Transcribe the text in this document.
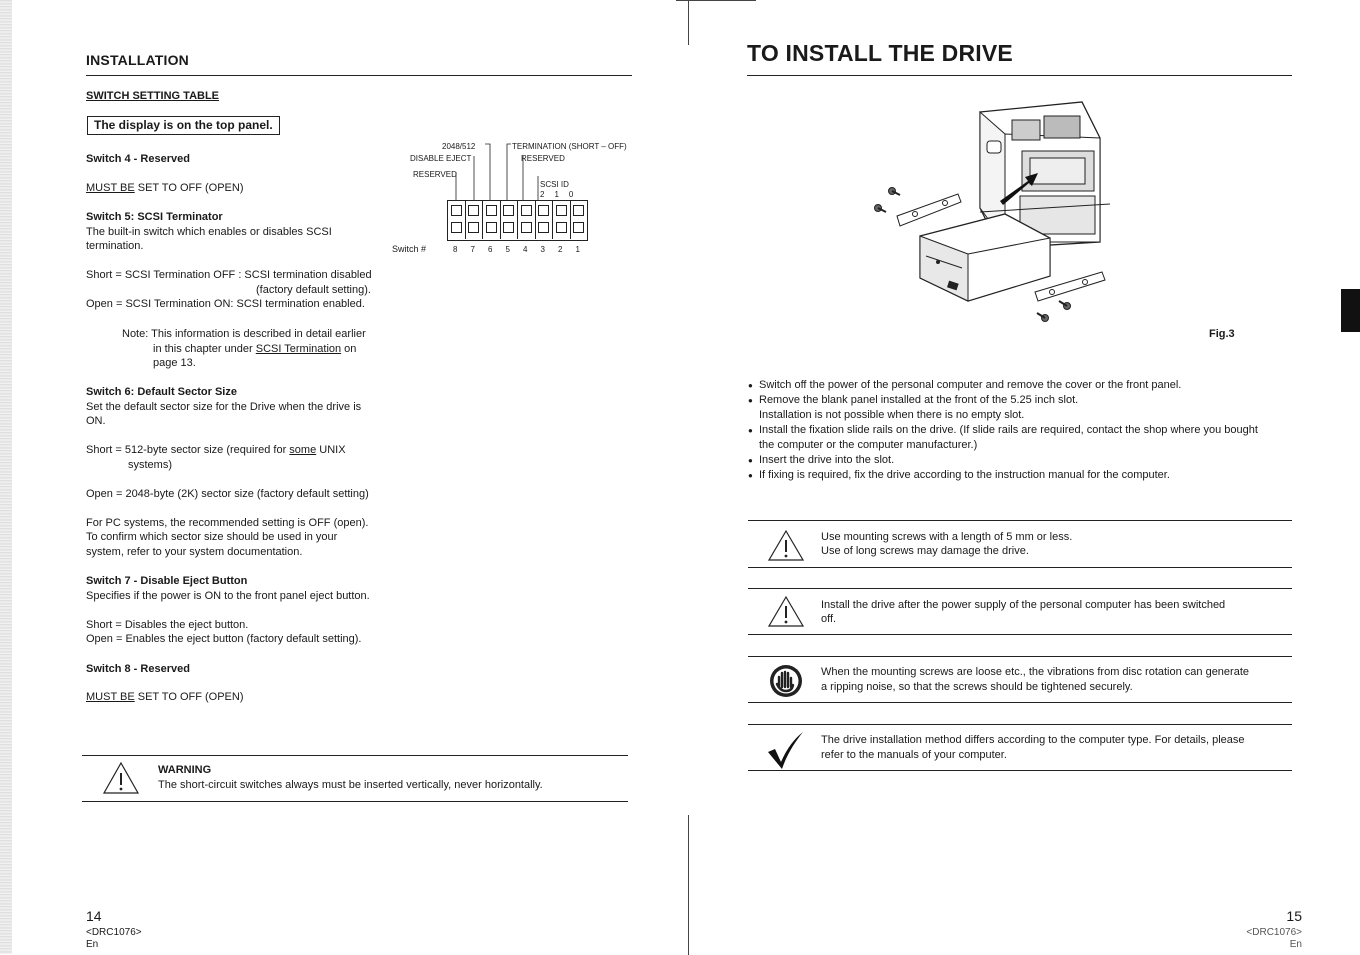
INSTALLATION
SWITCH SETTING TABLE
The display is on the top panel.
Switch 4 - Reserved
MUST BE SET TO OFF (OPEN)
Switch 5: SCSI Terminator
The built-in switch which enables or disables SCSI
termination.
Short = SCSI Termination OFF : SCSI termination disabled
(factory default setting).
Open = SCSI Termination ON: SCSI termination enabled.
Note: This information is described in detail earlier
in this chapter under SCSI Termination on
page 13.
Switch 6: Default Sector Size
Set the default sector size for the Drive when the drive is
ON.
Short = 512-byte sector size (required for some UNIX
systems)
Open = 2048-byte (2K) sector size (factory default setting)
For PC systems, the recommended setting is OFF (open).
To confirm which sector size should be used in your
system, refer to your system documentation.
Switch 7 - Disable Eject Button
Specifies if the power is ON to the front panel eject button.
Short = Disables the eject button.
Open = Enables the eject button (factory default setting).
Switch 8 - Reserved
MUST BE SET TO OFF (OPEN)
2048/512
DISABLE EJECT
RESERVED
TERMINATION (SHORT – OFF)
RESERVED
SCSI ID
210
Switch #	8 7 6 5 4 3 2 1
WARNING
The short-circuit switches always must be inserted vertically, never horizontally.
14
<DRC1076>
En
TO INSTALL THE DRIVE
Fig.3
● Switch off the power of the personal computer and remove the cover or the front panel.
● Remove the blank panel installed at the front of the 5.25 inch slot.
Installation is not possible when there is no empty slot.
● Install the fixation slide rails on the drive. (If slide rails are required, contact the shop where you bought
the computer or the computer manufacturer.)
● Insert the drive into the slot.
● If fixing is required, fix the drive according to the instruction manual for the computer.
15
<DRC1076>
En
Use mounting screws with a length of 5 mm or less.
Use of long screws may damage the drive.
Install the drive after the power supply of the personal computer has been switched
off.
When the mounting screws are loose etc., the vibrations from disc rotation can generate
a ripping noise, so that the screws should be tightened securely.
The drive installation method differs according to the computer type. For details, please
refer to the manuals of your computer.
